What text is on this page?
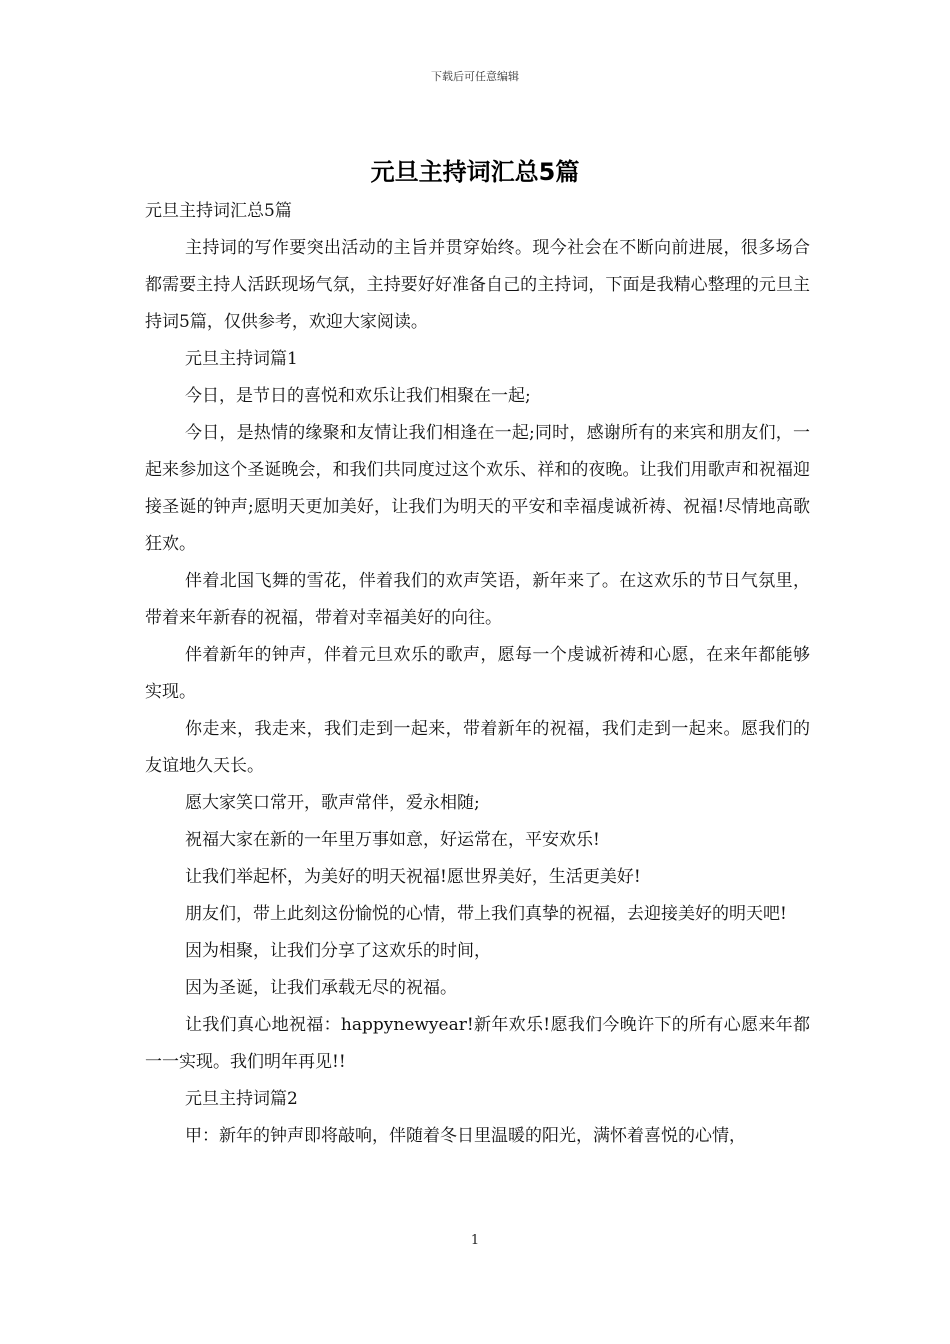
下载后可任意编辑
元旦主持词汇总5篇

元旦主持词汇总5篇

主持词的写作要突出活动的主旨并贯穿始终。现今社会在不断向前进展，很多场合都需要主持人活跃现场气氛，主持要好好准备自己的主持词，下面是我精心整理的元旦主持词5篇，仅供参考，欢迎大家阅读。

元旦主持词篇1

今日，是节日的喜悦和欢乐让我们相聚在一起;

今日，是热情的缘聚和友情让我们相逢在一起;同时，感谢所有的来宾和朋友们，一起来参加这个圣诞晚会，和我们共同度过这个欢乐、祥和的夜晚。让我们用歌声和祝福迎接圣诞的钟声;愿明天更加美好，让我们为明天的平安和幸福虔诚祈祷、祝福!尽情地高歌狂欢。

伴着北国飞舞的雪花，伴着我们的欢声笑语，新年来了。在这欢乐的节日气氛里，带着来年新春的祝福，带着对幸福美好的向往。

伴着新年的钟声，伴着元旦欢乐的歌声，愿每一个虔诚祈祷和心愿，在来年都能够实现。

你走来，我走来，我们走到一起来，带着新年的祝福，我们走到一起来。愿我们的友谊地久天长。

愿大家笑口常开，歌声常伴，爱永相随;

祝福大家在新的一年里万事如意，好运常在，平安欢乐!

让我们举起杯，为美好的明天祝福!愿世界美好，生活更美好!

朋友们，带上此刻这份愉悦的心情，带上我们真挚的祝福，去迎接美好的明天吧!

因为相聚，让我们分享了这欢乐的时间，

因为圣诞，让我们承载无尽的祝福。

让我们真心地祝福：happynewyear!新年欢乐!愿我们今晚许下的所有心愿来年都一一实现。我们明年再见!!

元旦主持词篇2

甲：新年的钟声即将敲响，伴随着冬日里温暖的阳光，满怀着喜悦的心情，

1
